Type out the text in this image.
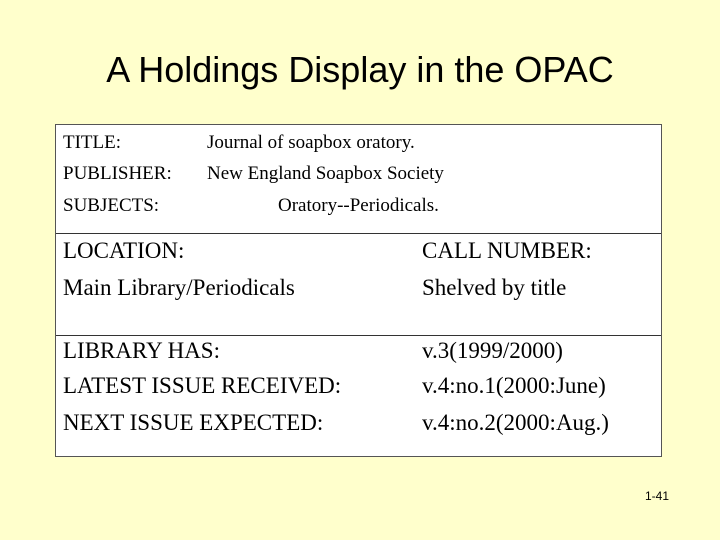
A Holdings Display in the OPAC
TITLE:	Journal of soapbox oratory.
PUBLISHER: New England Soapbox Society
SUBJECTS:	Oratory--Periodicals.
LOCATION:	CALL NUMBER:
Main Library/Periodicals	Shelved by title
LIBRARY HAS:	v.3(1999/2000)
LATEST ISSUE RECEIVED:	v.4:no.1(2000:June)
NEXT ISSUE EXPECTED:	v.4:no.2(2000:Aug.)
1-41
